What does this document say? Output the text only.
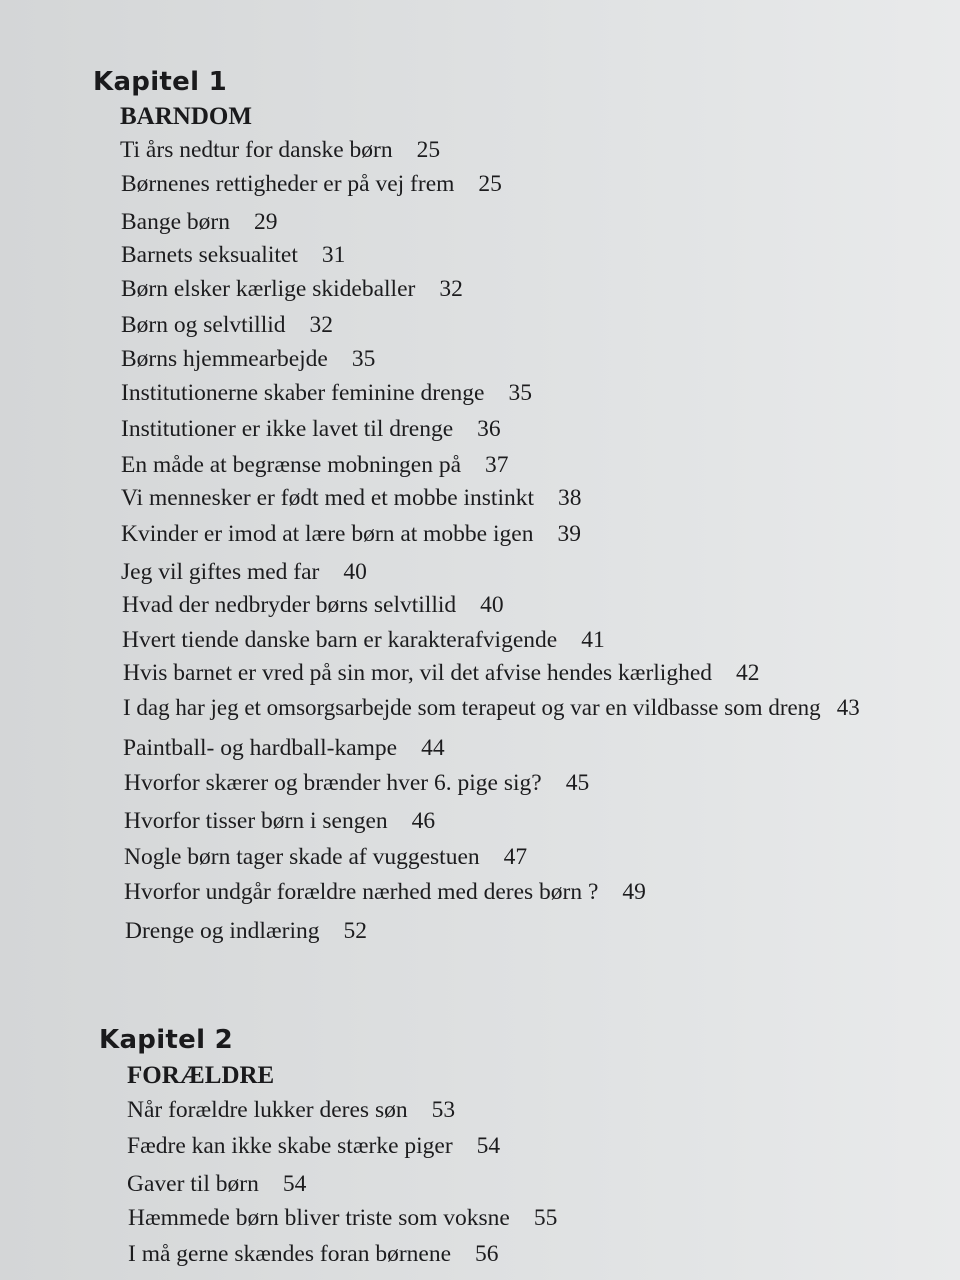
Kapitel 1
BARNDOM
Ti års nedtur for danske børn 25
Børnenes rettigheder er på vej frem 25
Bange børn 29
Barnets seksualitet 31
Børn elsker kærlige skideballer 32
Børn og selvtillid 32
Børns hjemmearbejde 35
Institutionerne skaber feminine drenge 35
Institutioner er ikke lavet til drenge 36
En måde at begrænse mobningen på 37
Vi mennesker er født med et mobbe instinkt 38
Kvinder er imod at lære børn at mobbe igen 39
Jeg vil giftes med far 40
Hvad der nedbryder børns selvtillid 40
Hvert tiende danske barn er karakterafvigende 41
Hvis barnet er vred på sin mor, vil det afvise hendes kærlighed 42
I dag har jeg et omsorgsarbejde som terapeut og var en vildbasse som dreng 43
Paintball- og hardball-kampe 44
Hvorfor skærer og brænder hver 6. pige sig? 45
Hvorfor tisser børn i sengen 46
Nogle børn tager skade af vuggestuen 47
Hvorfor undgår forældre nærhed med deres børn ? 49
Drenge og indlæring 52
Kapitel 2
FORÆLDRE
Når forældre lukker deres søn 53
Fædre kan ikke skabe stærke piger 54
Gaver til børn 54
Hæmmede børn bliver triste som voksne 55
I må gerne skændes foran børnene 56
